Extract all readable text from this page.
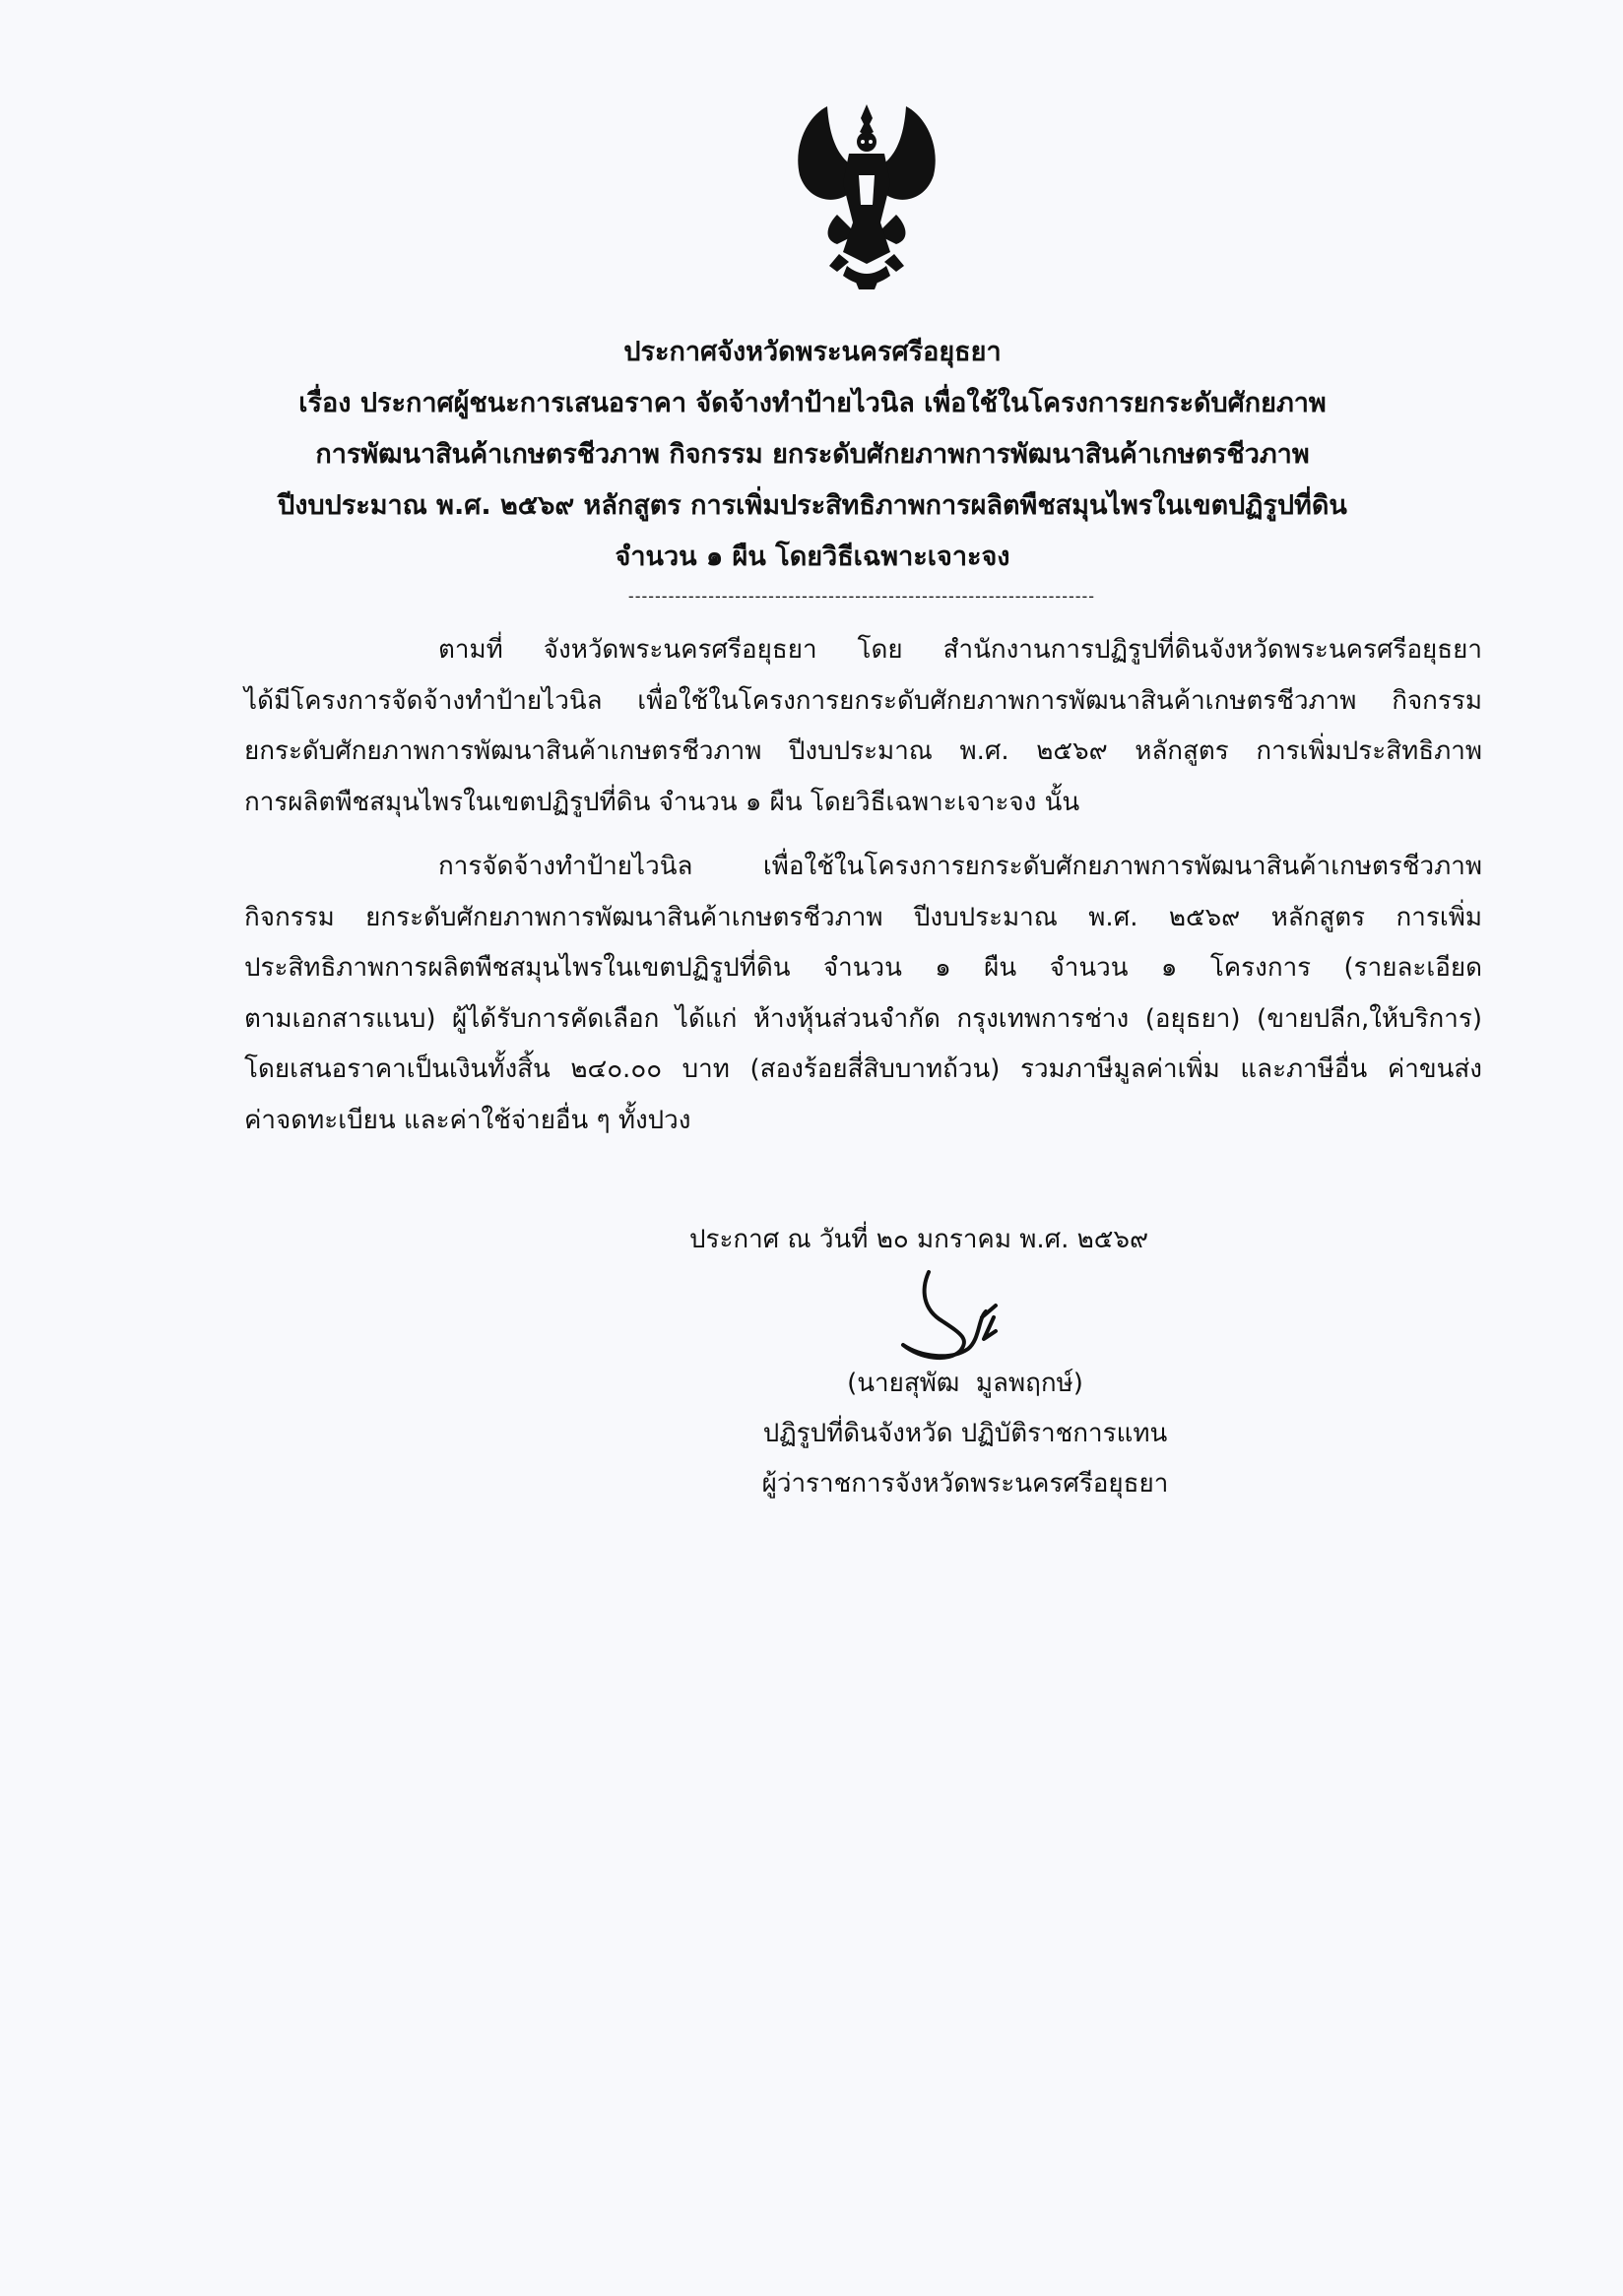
ประกาศจังหวัดพระนครศรีอยุธยา
เรื่อง ประกาศผู้ชนะการเสนอราคา จัดจ้างทำป้ายไวนิล เพื่อใช้ในโครงการยกระดับศักยภาพ
การพัฒนาสินค้าเกษตรชีวภาพ กิจกรรม ยกระดับศักยภาพการพัฒนาสินค้าเกษตรชีวภาพ
ปีงบประมาณ พ.ศ. ๒๕๖๙ หลักสูตร การเพิ่มประสิทธิภาพการผลิตพืชสมุนไพรในเขตปฏิรูปที่ดิน
จำนวน ๑ ผืน โดยวิธีเฉพาะเจาะจง
----------------------------------------------------------------------
ตามที่ จังหวัดพระนครศรีอยุธยา โดย สำนักงานการปฏิรูปที่ดินจังหวัดพระนครศรีอยุธยา
ได้มีโครงการจัดจ้างทำป้ายไวนิล เพื่อใช้ในโครงการยกระดับศักยภาพการพัฒนาสินค้าเกษตรชีวภาพ กิจกรรม
ยกระดับศักยภาพการพัฒนาสินค้าเกษตรชีวภาพ ปีงบประมาณ พ.ศ. ๒๕๖๙ หลักสูตร การเพิ่มประสิทธิภาพ
การผลิตพืชสมุนไพรในเขตปฏิรูปที่ดิน จำนวน ๑ ผืน โดยวิธีเฉพาะเจาะจง นั้น
การจัดจ้างทำป้ายไวนิล เพื่อใช้ในโครงการยกระดับศักยภาพการพัฒนาสินค้าเกษตรชีวภาพ
กิจกรรม ยกระดับศักยภาพการพัฒนาสินค้าเกษตรชีวภาพ ปีงบประมาณ พ.ศ. ๒๕๖๙ หลักสูตร การเพิ่ม
ประสิทธิภาพการผลิตพืชสมุนไพรในเขตปฏิรูปที่ดิน จำนวน ๑ ผืน จำนวน ๑ โครงการ (รายละเอียด
ตามเอกสารแนบ) ผู้ได้รับการคัดเลือก ได้แก่ ห้างหุ้นส่วนจำกัด กรุงเทพการช่าง (อยุธยา) (ขายปลีก,ให้บริการ)
โดยเสนอราคาเป็นเงินทั้งสิ้น ๒๔๐.๐๐ บาท (สองร้อยสี่สิบบาทถ้วน) รวมภาษีมูลค่าเพิ่ม และภาษีอื่น ค่าขนส่ง
ค่าจดทะเบียน และค่าใช้จ่ายอื่น ๆ ทั้งปวง
ประกาศ ณ วันที่ ๒๐ มกราคม พ.ศ. ๒๕๖๙
(นายสุพัฒ  มูลพฤกษ์)
ปฏิรูปที่ดินจังหวัด ปฏิบัติราชการแทน
ผู้ว่าราชการจังหวัดพระนครศรีอยุธยา
